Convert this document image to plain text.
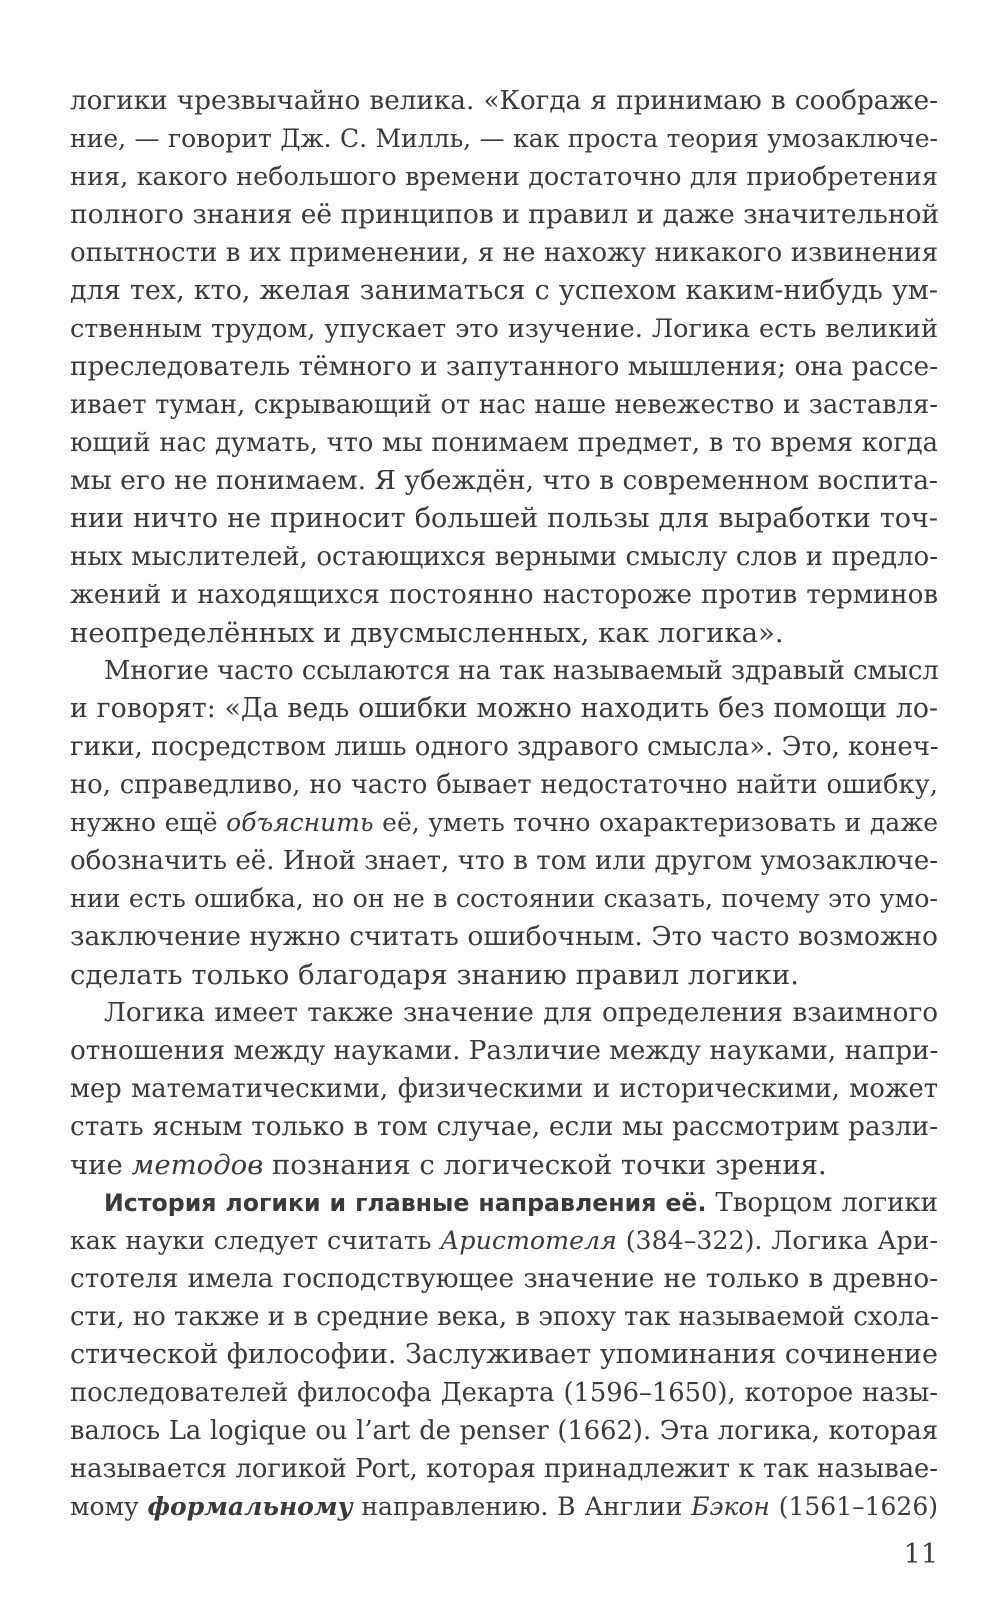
логики чрезвычайно велика. «Когда я принимаю в соображе-
ние, — говорит Дж. С. Милль, — как проста теория умозаключе-
ния, какого небольшого времени достаточно для приобретения
полного знания её принципов и правил и даже значительной
опытности в их применении, я не нахожу никакого извинения
для тех, кто, желая заниматься с успехом каким-нибудь ум-
ственным трудом, упускает это изучение. Логика есть великий
преследователь тёмного и запутанного мышления; она рассе-
ивает туман, скрывающий от нас наше невежество и заставля-
ющий нас думать, что мы понимаем предмет, в то время когда
мы его не понимаем. Я убеждён, что в современном воспита-
нии ничто не приносит большей пользы для выработки точ-
ных мыслителей, остающихся верными смыслу слов и предло-
жений и находящихся постоянно настороже против терминов
неопределённых и двусмысленных, как логика».
Многие часто ссылаются на так называемый здравый смысл
и говорят: «Да ведь ошибки можно находить без помощи ло-
гики, посредством лишь одного здравого смысла». Это, конеч-
но, справедливо, но часто бывает недостаточно найти ошибку,
нужно ещё объяснить её, уметь точно охарактеризовать и даже
обозначить её. Иной знает, что в том или другом умозаключе-
нии есть ошибка, но он не в состоянии сказать, почему это умо-
заключение нужно считать ошибочным. Это часто возможно
сделать только благодаря знанию правил логики.
Логика имеет также значение для определения взаимного
отношения между науками. Различие между науками, напри-
мер математическими, физическими и историческими, может
стать ясным только в том случае, если мы рассмотрим разли-
чие методов познания с логической точки зрения.
История логики и главные направления её. Творцом логики
как науки следует считать Аристотеля (384–322). Логика Ари-
стотеля имела господствующее значение не только в древно-
сти, но также и в средние века, в эпоху так называемой схола-
стической философии. Заслуживает упоминания сочинение
последователей философа Декарта (1596–1650), которое назы-
валось La logique ou l’art de penser (1662). Эта логика, которая
называется логикой Port, которая принадлежит к так называе-
мому формальному направлению. В Англии Бэкон (1561–1626)
11
